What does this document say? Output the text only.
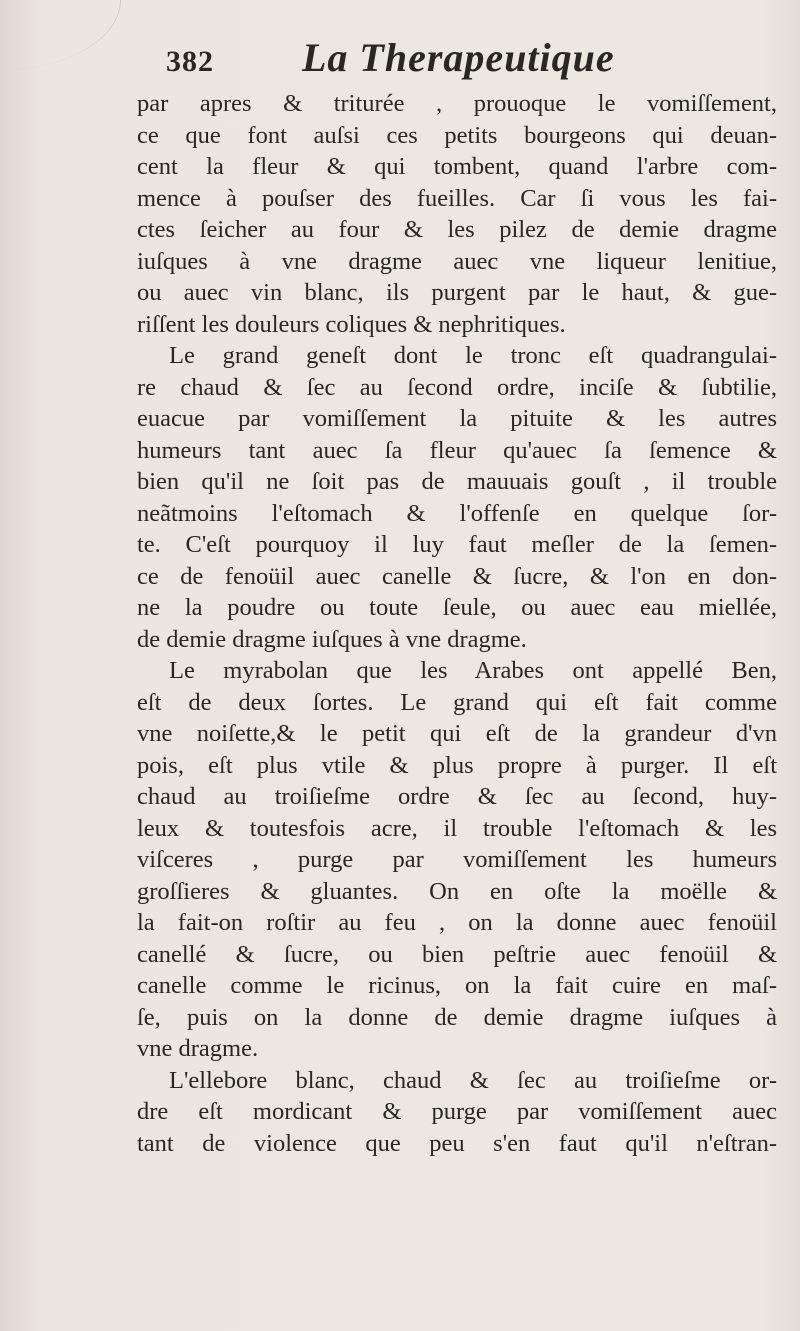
382	La Therapeutique
par apres & triturée , prouoque le vomiſſement,
ce que font auſsi ces petits bourgeons qui deuan-
cent la fleur & qui tombent, quand l'arbre com-
mence à pouſser des fueilles. Car ſi vous les fai-
ctes ſeicher au four & les pilez de demie dragme
iuſques à vne dragme auec vne liqueur lenitiue,
ou auec vin blanc, ils purgent par le haut, & gue-
riſſent les douleurs coliques & nephritiques.
Le grand geneſt dont le tronc eſt quadrangulai-
re chaud & ſec au ſecond ordre, inciſe & ſubtilie,
euacue par vomiſſement la pituite & les autres
humeurs tant auec ſa fleur qu'auec ſa ſemence &
bien qu'il ne ſoit pas de mauuais gouſt , il trouble
neãtmoins l'eſtomach & l'offenſe en quelque ſor-
te. C'eſt pourquoy il luy faut meſler de la ſemen-
ce de fenoüil auec canelle & ſucre, & l'on en don-
ne la poudre ou toute ſeule, ou auec eau miellée,
de demie dragme iuſques à vne dragme.
Le myrabolan que les Arabes ont appellé Ben,
eſt de deux ſortes. Le grand qui eſt fait comme
vne noiſette,& le petit qui eſt de la grandeur d'vn
pois, eſt plus vtile & plus propre à purger. Il eſt
chaud au troiſieſme ordre & ſec au ſecond, huy-
leux & toutesfois acre, il trouble l'eſtomach & les
viſceres , purge par vomiſſement les humeurs
groſſieres & gluantes. On en oſte la moëlle &
la fait-on roſtir au feu , on la donne auec fenoüil
canellé & ſucre, ou bien peſtrie auec fenoüil &
canelle comme le ricinus, on la fait cuire en maſ-
ſe, puis on la donne de demie dragme iuſques à
vne dragme.
L'ellebore blanc, chaud & ſec au troiſieſme or-
dre eſt mordicant & purge par vomiſſement auec
tant de violence que peu s'en faut qu'il n'eſtran-
